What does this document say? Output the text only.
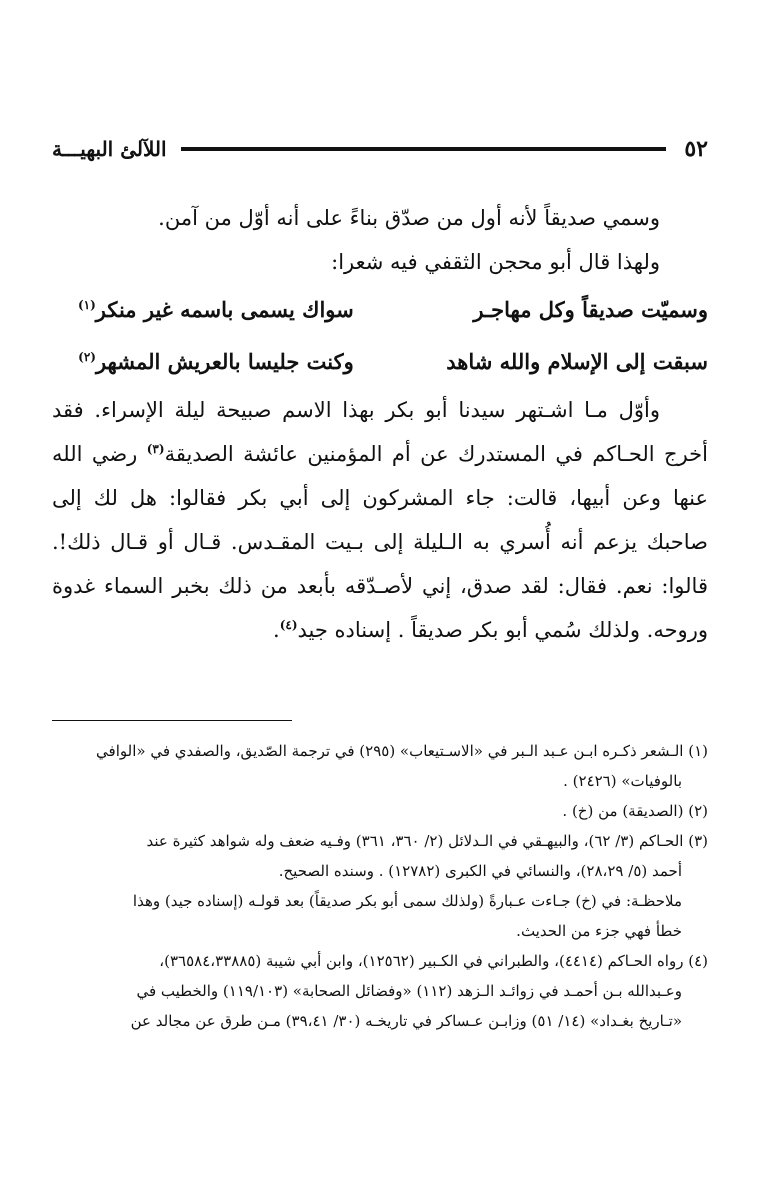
٥٢
اللآلئ البهيـــة

وسمي صديقاً لأنه أول من صدّق بناءً على أنه أوّل من آمن.

ولهذا قال أبو محجن الثقفي فيه شعرا:

وسميّت صديقاً وكل مهاجـر
سواك يسمى باسمه غير منكر$^{(١)}$
سبقت إلى الإسلام والله شاهد
وكنت جليسا بالعريش المشهر$^{(٢)}$

وأوّل مـا اشـتهر سيدنا أبو بكر بهذا الاسم صبيحة ليلة الإسراء. فقد أخرج الحـاكم في المستدرك عن أم المؤمنين عائشة الصديقة$^{(٣)}$ رضي الله عنها وعن أبيها، قالت: جاء المشركون إلى أبي بكر فقالوا: هل لك إلى صاحبك يزعم أنه أُسري به الـليلة إلى بـيت المقـدس. قـال أو قـال ذلك!. قالوا: نعم. فقال: لقد صدق، إني لأصـدّقه بأبعد من ذلك بخبر السماء غدوة وروحه. ولذلك سُمي أبو بكر صديقاً . إسناده جيد$^{(٤)}$.

(١) الـشعر ذكـره ابـن عـبد الـبر في «الاسـتيعاب» (٢٩٥) في ترجمة الصّديق، والصفدي في «الوافي

بالوفيات» (٢٤٢٦) .

(٢) (الصديقة) من (خ) .

(٣) الحـاكم (٣/ ٦٢)، والبيهـقي في الـدلائل (٢/ ٣٦٠، ٣٦١) وفـيه ضعف وله شواهد كثيرة عند

أحمد (٥/ ٢٨،٢٩)، والنسائي في الكبرى (١٢٧٨٢) . وسنده الصحيح.

ملاحظـة: في (خ) جـاءت عـبارةً (ولذلك سمى أبو بكر صديقاً) بعد قولـه (إسناده جيد) وهذا

خطأ فهي جزء من الحديث.

(٤) رواه الحـاكم (٤٤١٤)، والطبراني في الكـبير (١٢٥٦٢)، وابن أبي شيبة (٣٦٥٨٤،٣٣٨٨٥)،

وعـبدالله بـن أحمـد في زوائـد الـزهد (١١٢) «وفضائل الصحابة» (١١٩/١٠٣) والخطيب في

«تـاريخ بغـداد» (١٤/ ٥١) وزابـن عـساكر في تاريخـه (٣٠/ ٣٩،٤١) مـن طرق عن مجالد عن
